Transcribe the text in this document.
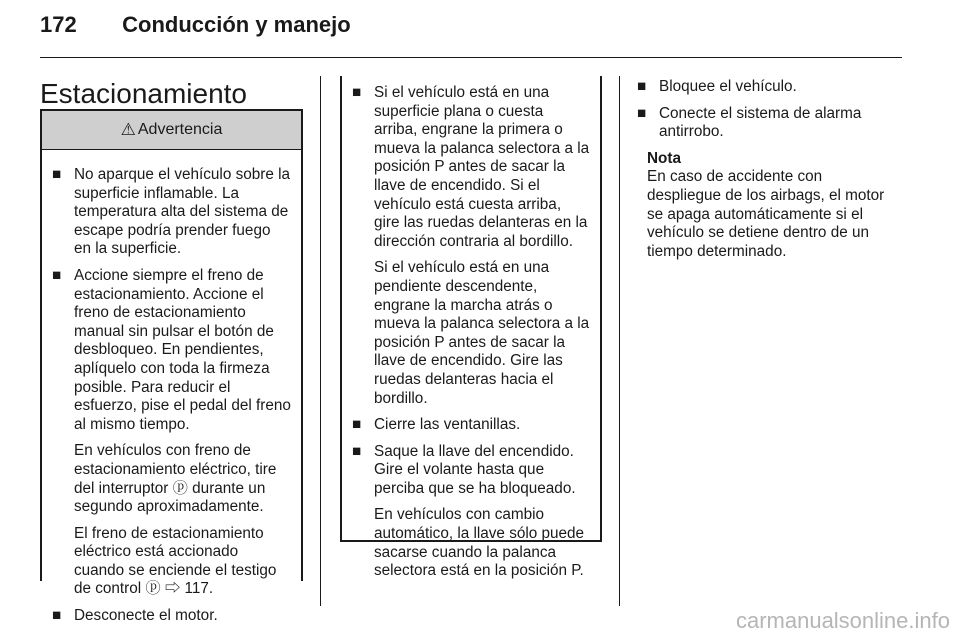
172 Conducción y manejo
Estacionamiento
⚠ Advertencia
■ No aparque el vehículo sobre la superficie inflamable. La temperatura alta del sistema de escape podría prender fuego en la superficie.
■ Accione siempre el freno de estacionamiento. Accione el freno de estacionamiento manual sin pulsar el botón de desbloqueo. En pendientes, aplíquelo con toda la firmeza posible. Para reducir el esfuerzo, pise el pedal del freno al mismo tiempo.
En vehículos con freno de estacionamiento eléctrico, tire del interruptor ⓟ durante un segundo aproximadamente.
El freno de estacionamiento eléctrico está accionado cuando se enciende el testigo de control ⓟ ⇨ 117.
■ Desconecte el motor.
■ Si el vehículo está en una superficie plana o cuesta arriba, engrane la primera o mueva la palanca selectora a la posición P antes de sacar la llave de encendido. Si el vehículo está cuesta arriba, gire las ruedas delanteras en la dirección contraria al bordillo.
Si el vehículo está en una pendiente descendente, engrane la marcha atrás o mueva la palanca selectora a la posición P antes de sacar la llave de encendido. Gire las ruedas delanteras hacia el bordillo.
■ Cierre las ventanillas.
■ Saque la llave del encendido. Gire el volante hasta que perciba que se ha bloqueado.
En vehículos con cambio automático, la llave sólo puede sacarse cuando la palanca selectora está en la posición P.
■ Bloquee el vehículo.
■ Conecte el sistema de alarma antirrobo.
Nota
En caso de accidente con despliegue de los airbags, el motor se apaga automáticamente si el vehículo se detiene dentro de un tiempo determinado.
carmanualsonline.info
